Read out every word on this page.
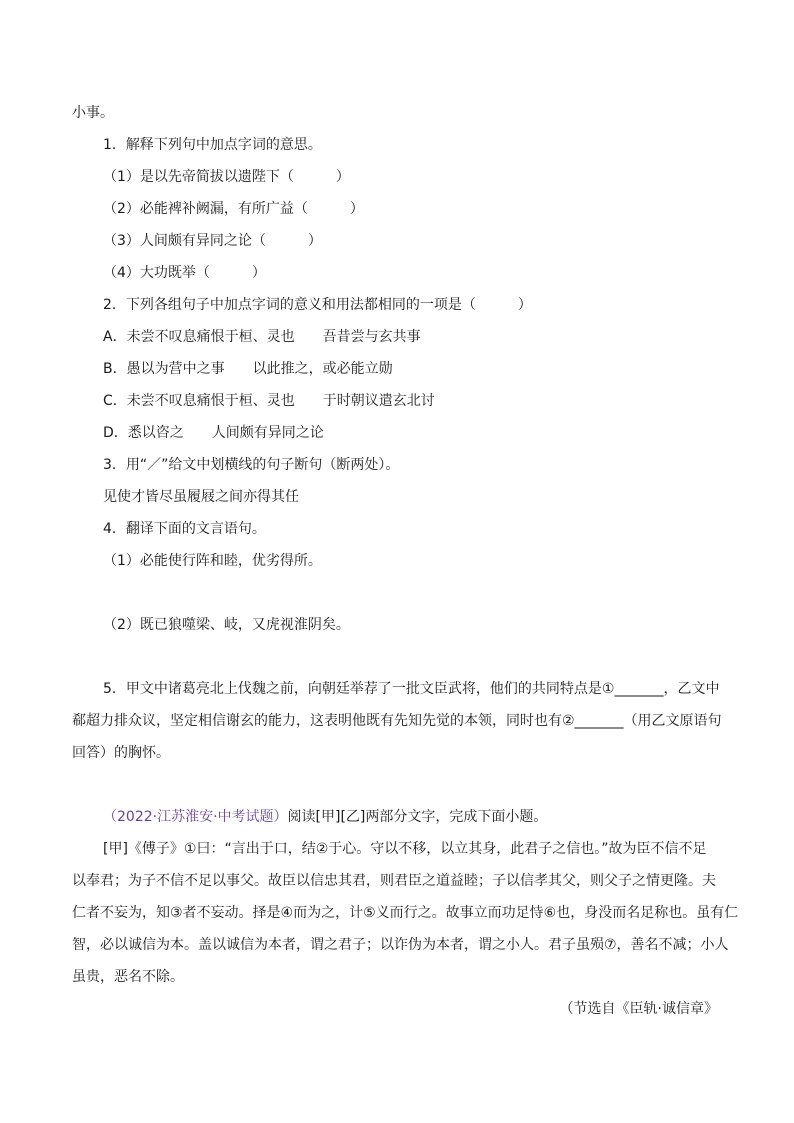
小事。
1．解释下列句中加点字词的意思。
（1）是以先帝简拔以遗陛下（　　　）
（2）必能裨补阙漏，有所广益（　　　）
（3）人间颇有异同之论（　　　）
（4）大功既举（　　　）
2．下列各组句子中加点字词的意义和用法都相同的一项是（　　　）
A．未尝不叹息痛恨于桓、灵也　　吾昔尝与玄共事
B．愚以为营中之事　　以此推之，或必能立勋
C．未尝不叹息痛恨于桓、灵也　　于时朝议遣玄北讨
D．悉以咨之　　人间颇有异同之论
3．用“／”给文中划横线的句子断句（断两处）。
见使才皆尽虽履屐之间亦得其任
4．翻译下面的文言语句。
（1）必能使行阵和睦，优劣得所。
（2）既已狼噬梁、岐，又虎视淮阴矣。
5．甲文中诸葛亮北上伐魏之前，向朝廷举荐了一批文臣武将，他们的共同特点是①_______，乙文中
郗超力排众议，坚定相信谢玄的能力，这表明他既有先知先觉的本领，同时也有②_______（用乙文原语句
回答）的胸怀。
（2022·江苏淮安·中考试题）阅读[甲][乙]两部分文字，完成下面小题。
[甲]《傅子》①曰：“言出于口，结②于心。守以不移，以立其身，此君子之信也。”故为臣不信不足
以奉君；为子不信不足以事父。故臣以信忠其君，则君臣之道益睦；子以信孝其父，则父子之情更隆。夫
仁者不妄为，知③者不妄动。择是④而为之，计⑤义而行之。故事立而功足恃⑥也，身没而名足称也。虽有仁
智，必以诚信为本。盖以诚信为本者，谓之君子；以诈伪为本者，谓之小人。君子虽殒⑦，善名不减；小人
虽贵，恶名不除。
（节选自《臣轨·诚信章》
